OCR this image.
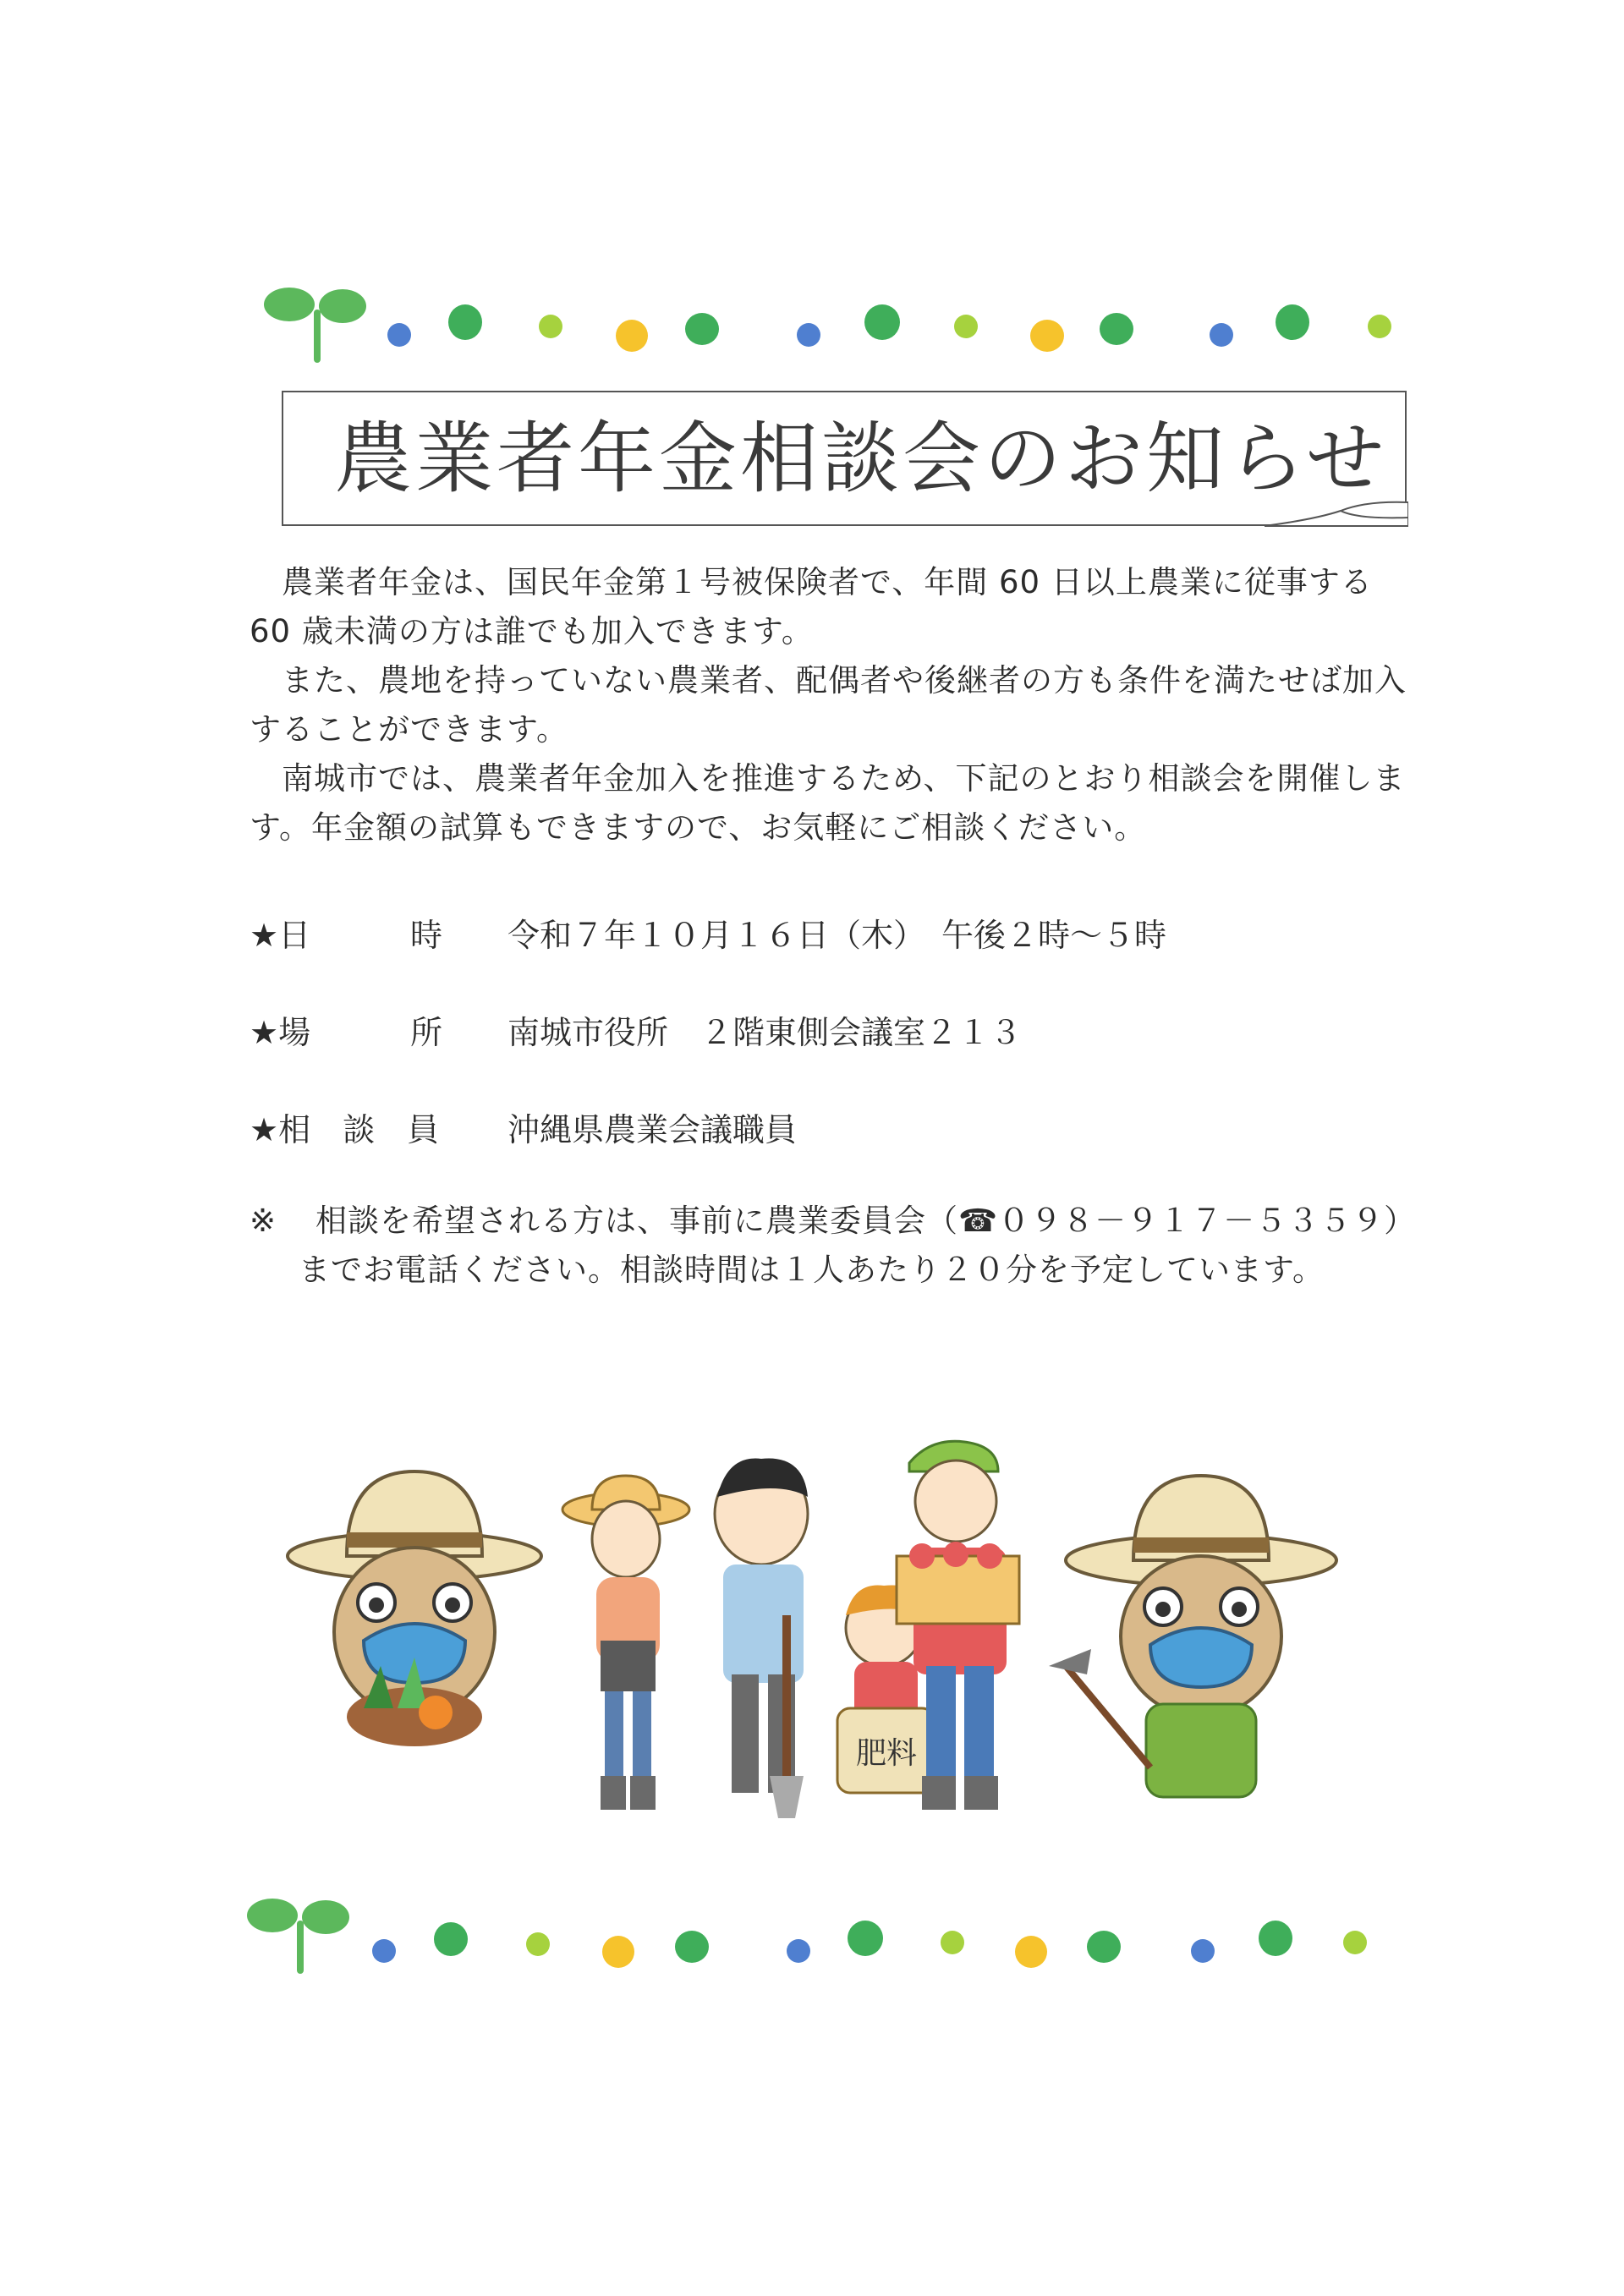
農業者年金相談会のお知らせ

農業者年金は、国民年金第１号被保険者で、年間 60 日以上農業に従事する 60 歳未満の方は誰でも加入できます。

また、農地を持っていない農業者、配偶者や後継者の方も条件を満たせば加入することができます。

南城市では、農業者年金加入を推進するため、下記のとおり相談会を開催します。年金額の試算もできますので、お気軽にご相談ください。

★日	時 令和７年１０月１６日（木）　午後２時～５時
★場	所 南城市役所　２階東側会議室２１３
★相　談　員 沖縄県農業会議職員
※ 相談を希望される方は、事前に農業委員会（☎０９８－９１７－５３５９）
までお電話ください。相談時間は１人あたり２０分を予定しています。
肥料
